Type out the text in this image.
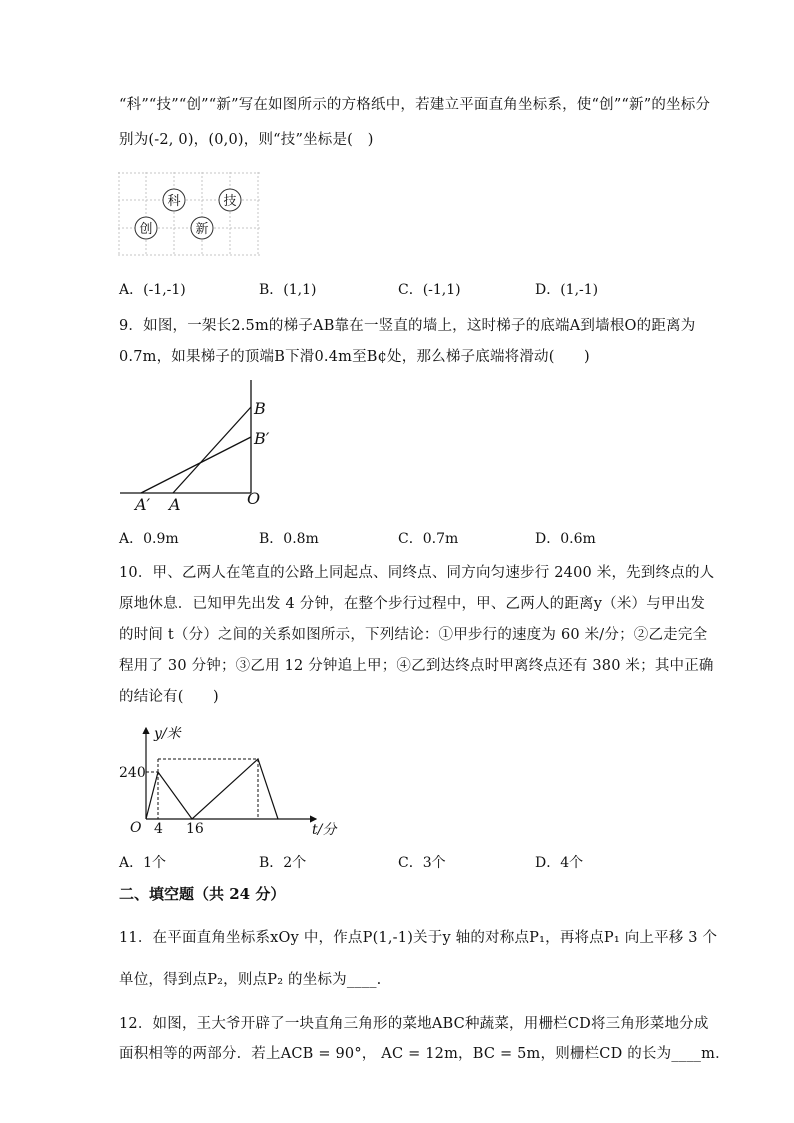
“科”“技”“创”“新”写在如图所示的方格纸中，若建立平面直角坐标系，使“创”“新”的坐标分
别为(-2, 0)，(0,0)，则“技”坐标是(　)
科	技
创	新
A．(-1,-1)	B．(1,1)	C．(-1,1)	D．(1,-1)
9．如图，一架长2.5m的梯子AB靠在一竖直的墙上，这时梯子的底端A到墙根O的距离为
0.7m，如果梯子的顶端B下滑0.4m至B¢处，那么梯子底端将滑动(　　)
B
B′
A′ A	O
A．0.9m	B．0.8m	C．0.7m	D．0.6m
10．甲、乙两人在笔直的公路上同起点、同终点、同方向匀速步行 2400 米，先到终点的人
原地休息．已知甲先出发 4 分钟，在整个步行过程中，甲、乙两人的距离y（米）与甲出发
的时间 t（分）之间的关系如图所示，下列结论：①甲步行的速度为 60 米/分；②乙走完全
程用了 30 分钟；③乙用 12 分钟追上甲；④乙到达终点时甲离终点还有 380 米；其中正确
的结论有(　　)
y/米
t/分
O
240
4 16
A．1个	B．2个	C．3个	D．4个
二、填空题（共 24 分）
11．在平面直角坐标系xOy 中，作点P(1,-1)关于y 轴的对称点P₁，再将点P₁ 向上平移 3 个
单位，得到点P₂，则点P₂ 的坐标为____.
12．如图，王大爷开辟了一块直角三角形的菜地ABC种蔬菜，用栅栏CD将三角形菜地分成
面积相等的两部分．若上ACB = 90°， AC = 12m，BC = 5m，则栅栏CD 的长为____m．
